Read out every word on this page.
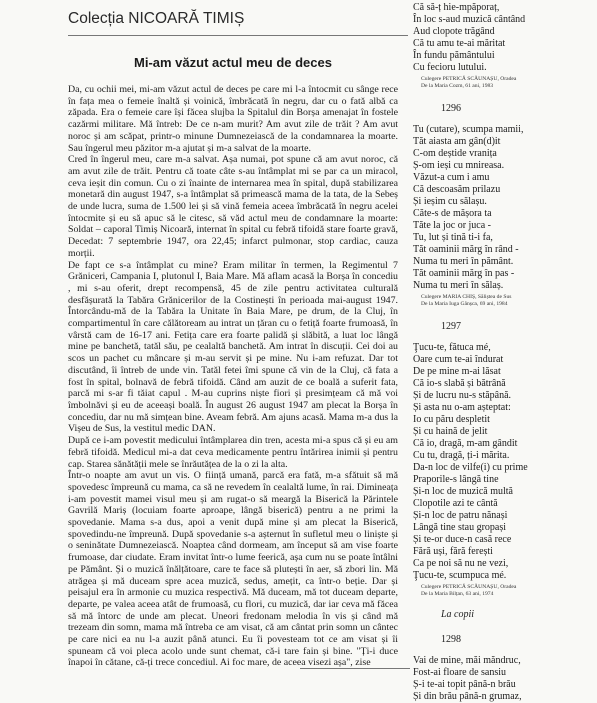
Colecția NICOARĂ TIMIȘ
Mi-am văzut actul meu de deces

Da, cu ochii mei, mi-am văzut actul de deces pe care mi l-a întocmit cu sânge rece în fața mea o femeie înaltă și voinică, îmbrăcată în negru, dar cu o fată albă ca zăpada. Era o femeie care își făcea slujba la Spitalul din Borșa amenajat în fostele cazărmi militare. Mă întreb: De ce n-am murit? Am avut zile de trăit ? Am avut noroc și am scăpat, printr-o minune Dumnezeiască de la condamnarea la moarte. Sau îngerul meu păzitor m-a ajutat și m-a salvat de la moarte.

Cred în îngerul meu, care m-a salvat. Așa numai, pot spune că am avut noroc, că am avut zile de trăit. Pentru că toate câte s-au întâmplat mi se par ca un miracol, ceva ieșit din comun. Cu o zi înainte de internarea mea în spital, după stabilizarea monetară din august 1947, s-a întâmplat să primească mama de la tata, de la Sebeș de unde lucra, suma de 1.500 lei și să vină femeia aceea îmbrăcată în negru acelei întocmite și eu să apuc să le citesc, să văd actul meu de condamnare la moarte: Soldat – caporal Timiș Nicoară, internat în spital cu febră tifoidă stare foarte gravă, Decedat: 7 septembrie 1947, ora 22,45; infarct pulmonar, stop cardiac, cauza morții.

De fapt ce s-a întâmplat cu mine? Eram militar în termen, la Regimentul 7 Grăniceri, Campania I, plutonul I, Baia Mare. Mă aflam acasă la Borșa în concediu , mi s-au oferit, drept recompensă, 45 de zile pentru activitatea culturală desfășurată la Tabăra Grănicerilor de la Costinești în perioada mai-august 1947. Întorcându-mă de la Tabăra la Unitate în Baia Mare, pe drum, de la Cluj, în compartimentul în care călătoream au intrat un țăran cu o fetiță foarte frumoasă, în vârstă cam de 16-17 ani. Fetița care era foarte palidă și slăbită, a luat loc lângă mine pe banchetă, tatăl său, pe cealaltă banchetă. Am intrat în discuții. Cei doi au scos un pachet cu mâncare și m-au servit și pe mine. Nu i-am refuzat. Dar tot discutând, îi întreb de unde vin. Tatăl fetei îmi spune că vin de la Cluj, că fata a fost în spital, bolnavă de febră tifoidă. Când am auzit de ce boală a suferit fata, parcă mi s-ar fi tăiat capul . M-au cuprins niște fiori și presimțeam că mă voi îmbolnăvi și eu de aceeași boală. În august 26 august 1947 am plecat la Borșa în concediu, dar nu mă simțean bine. Aveam febră. Am ajuns acasă. Mama m-a dus la Vișeu de Sus, la vestitul medic DAN.

După ce i-am povestit medicului întâmplarea din tren, acesta mi-a spus că și eu am febră tifoidă. Medicul mi-a dat ceva medicamente pentru întărirea inimii și pentru cap. Starea sănătății mele se înrăutățea de la o zi la alta.

Într-o noapte am avut un vis. O ființă umană, parcă era fată, m-a sfătuit să mă spovedesc împreună cu mama, ca să ne revedem în cealaltă lume, în rai. Dimineața i-am povestit mamei visul meu și am rugat-o să meargă la Biserică la Părintele Gavrilă Mariș (locuiam foarte aproape, lângă biserică) pentru a ne primi la spovedanie. Mama s-a dus, apoi a venit după mine și am plecat la Biserică, spovedindu-ne împreună. După spovedanie s-a așternut în sufletul meu o liniște și o seninătate Dumnezeiască. Noaptea când dormeam, am început să am vise foarte frumoase, dar ciudate. Eram invitat într-o lume feerică, așa cum nu se poate întâlni pe Pământ. Și o muzică înălțătoare, care te face să plutești în aer, să zbori lin. Mă atrăgea și mă duceam spre acea muzică, sedus, amețit, ca într-o beție. Dar și peisajul era în armonie cu muzica respectivă. Mă duceam, mă tot duceam departe, departe, pe valea aceea atât de frumoasă, cu flori, cu muzică, dar iar ceva mă făcea să mă întorc de unde am plecat. Uneori fredonam melodia în vis și când mă trezeam din somn, mama mă întreba ce am visat, că am cântat prin somn un cântec pe care nici ea nu l-a auzit până atunci. Eu îi povesteam tot ce am visat și îi spuneam că voi pleca acolo unde sunt chemat, că-i tare fain și bine. "Ți-i duce înapoi în cătane, că-ți trece concediul. Ai foc mare, de aceea visezi așa", zise

Că să-ț hie-mpăporaț,
În loc s-aud muzică cântând
Aud clopote trăgând
Că tu amu te-ai măritat
În fundu pământului
Cu fecioru lutului.
Culegere PETRICĂ SCĂUNAȘU, Oradea
De la Maria Cozm, 61 ani, 1983
1296
Tu (cutare), scumpa mamii,
Tăt aiasta am gân(d)it
C-om deștide vranița
Ș-om ieși cu mnireasa.
Văzut-a cum i amu
Că descoasăm prilazu
Și ieșim cu sălașu.
Căte-s de mășora ta
Tăte la joc or juca -
Tu, lut și tină ti-i fa,
Tăt oaminii mărg în rând -
Numa tu meri în pământ.
Tăt oaminii mărg în pas -
Numa tu meri în sălaș.
Culegere MARIA CHIȘ, Săliștea de Sus
De la Maria Iuga Gânșca, 69 ani, 1984
1297
Ţucu-te, fătuca mé,
Oare cum te-ai îndurat
De pe mine m-ai lăsat
Că io-s slabă și bătrână
Și de lucru nu-s stăpână.
Și asta nu o-am așteptat:
Io cu păru despletit
Și cu haină de jelit
Că io, dragă, m-am gândit
Cu tu, dragă, ți-i mărita.
Da-n loc de vilfe(i) cu prime
Praporile-s lângă tine
Și-n loc de muzică multă
Clopotile azi te cântă
Și-n loc de patru nănași
Lângă tine stau gropași
Și te-or duce-n casă rece
Fără uși, fără ferești
Ca pe noi să nu ne vezi,
Ţucu-te, scumpuca mé.
Culegere PETRICĂ SCĂUNAȘU, Oradea
De la Maria Bilțan, 63 ani, 1974
La copii
1298
Vai de mine, măi măndruc,
Fost-ai floare de sansiu
Ș-i te-ai topit până-n brău
Și din brău până-n grumaz,
